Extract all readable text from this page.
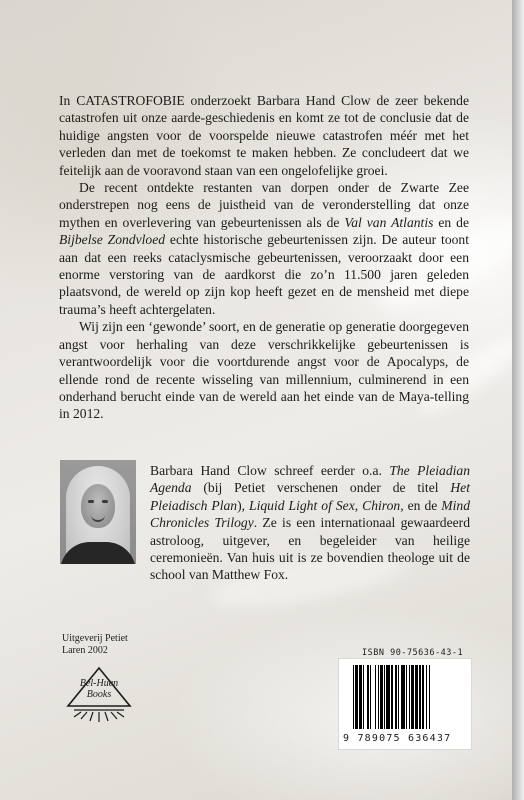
In CATASTROFOBIE onderzoekt Barbara Hand Clow de zeer bekende catastrofen uit onze aarde-geschiedenis en komt ze tot de conclusie dat de huidige angsten voor de voorspelde nieuwe catastrofen méér met het verleden dan met de toekomst te maken hebben. Ze concludeert dat we feitelijk aan de vooravond staan van een ongelofelijke groei.

De recent ontdekte restanten van dorpen onder de Zwarte Zee onderstrepen nog eens de juistheid van de veronderstelling dat onze mythen en overlevering van gebeurtenissen als de Val van Atlantis en de Bijbelse Zondvloed echte historische gebeurtenissen zijn. De auteur toont aan dat een reeks cataclysmische gebeurtenissen, veroorzaakt door een enorme verstoring van de aardkorst die zo’n 11.500 jaren geleden plaatsvond, de wereld op zijn kop heeft gezet en de mensheid met diepe trauma’s heeft achtergelaten.

Wij zijn een ‘gewonde’ soort, en de generatie op generatie doorgegeven angst voor herhaling van deze verschrikkelijke gebeurtenissen is verantwoordelijk voor die voortdurende angst voor de Apocalyps, de ellende rond de recente wisseling van millennium, culminerend in een onderhand berucht einde van de wereld aan het einde van de Maya-telling in 2012.

Barbara Hand Clow schreef eerder o.a. The Pleiadian Agenda (bij Petiet verschenen onder de titel Het Pleiadisch Plan), Liquid Light of Sex, Chiron, en de Mind Chronicles Trilogy. Ze is een internationaal gewaardeerd astroloog, uitgever, en begeleider van heilige ceremonieën. Van huis uit is ze bovendien theologe uit de school van Matthew Fox.
Uitgeverij Petiet
Laren 2002
Bel-Huen
Books
ISBN 90-75636-43-1
9 789075 636437
